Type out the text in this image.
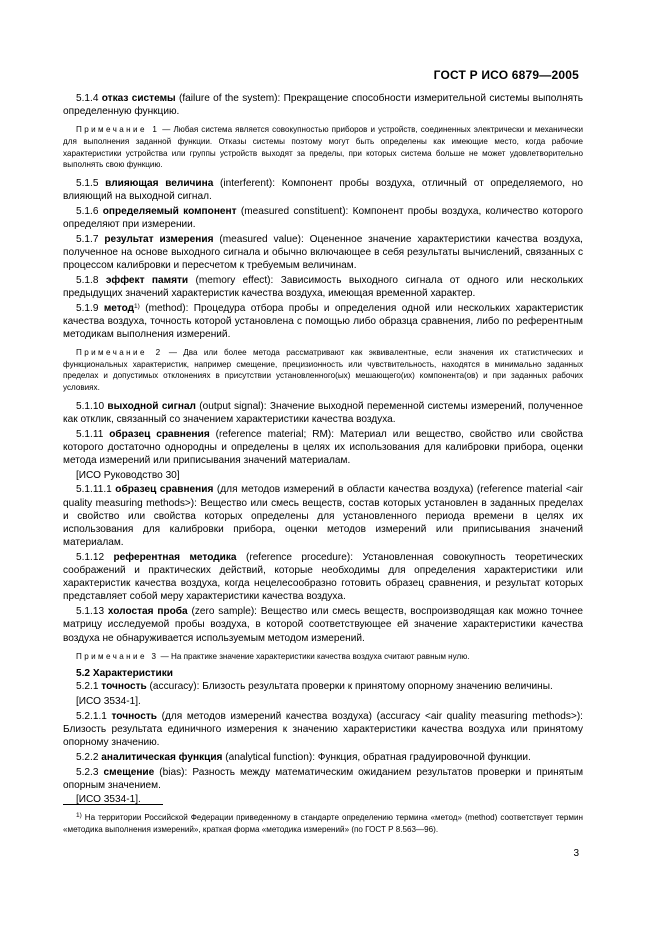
ГОСТ Р ИСО 6879—2005

5.1.4 отказ системы (failure of the system): Прекращение способности измерительной системы выполнять определенную функцию.

Примечание 1 — Любая система является совокупностью приборов и устройств, соединенных электрически и механически для выполнения заданной функции. Отказы системы поэтому могут быть определены как имеющие место, когда рабочие характеристики устройства или группы устройств выходят за пределы, при которых система больше не может удовлетворительно выполнять свою функцию.

5.1.5 влияющая величина (interferent): Компонент пробы воздуха, отличный от определяемого, но влияющий на выходной сигнал.

5.1.6 определяемый компонент (measured constituent): Компонент пробы воздуха, количество которого определяют при измерении.

5.1.7 результат измерения (measured value): Оцененное значение характеристики качества воздуха, полученное на основе выходного сигнала и обычно включающее в себя результаты вычислений, связанных с процессом калибровки и пересчетом к требуемым величинам.

5.1.8 эффект памяти (memory effect): Зависимость выходного сигнала от одного или нескольких предыдущих значений характеристик качества воздуха, имеющая временной характер.

5.1.9 метод$^{1)}$ (method): Процедура отбора пробы и определения одной или нескольких характеристик качества воздуха, точность которой установлена с помощью либо образца сравнения, либо по референтным методикам выполнения измерений.

Примечание 2 — Два или более метода рассматривают как эквивалентные, если значения их статистических и функциональных характеристик, например смещение, прецизионность или чувствительность, находятся в минимально заданных пределах и допустимых отклонениях в присутствии установленного(ых) мешающего(их) компонента(ов) и при заданных рабочих условиях.

5.1.10 выходной сигнал (output signal): Значение выходной переменной системы измерений, полученное как отклик, связанный со значением характеристики качества воздуха.

5.1.11 образец сравнения (reference material; RM): Материал или вещество, свойство или свойства которого достаточно однородны и определены в целях их использования для калибровки прибора, оценки метода измерений или приписывания значений материалам.

[ИСО Руководство 30]

5.1.11.1 образец сравнения (для методов измерений в области качества воздуха) (reference material <air quality measuring methods>): Вещество или смесь веществ, состав которых установлен в заданных пределах и свойство или свойства которых определены для установленного периода времени в целях их использования для калибровки прибора, оценки методов измерений или приписывания значений материалам.

5.1.12 референтная методика (reference procedure): Установленная совокупность теоретических соображений и практических действий, которые необходимы для определения характеристики или характеристик качества воздуха, когда нецелесообразно готовить образец сравнения, и результат которых представляет собой меру характеристики качества воздуха.

5.1.13 холостая проба (zero sample): Вещество или смесь веществ, воспроизводящая как можно точнее матрицу исследуемой пробы воздуха, в которой соответствующее ей значение характеристики качества воздуха не обнаруживается используемым методом измерений.

Примечание 3 — На практике значение характеристики качества воздуха считают равным нулю.

5.2 Характеристики

5.2.1 точность (accuracy): Близость результата проверки к принятому опорному значению величины.

[ИСО 3534-1].

5.2.1.1 точность (для методов измерений качества воздуха) (accuracy <air quality measuring methods>): Близость результата единичного измерения к значению характеристики качества воздуха или принятому опорному значению.

5.2.2 аналитическая функция (analytical function): Функция, обратная градуировочной функции.

5.2.3 смещение (bias): Разность между математическим ожиданием результатов проверки и принятым опорным значением.

[ИСО 3534-1].

$^{1)}$ На территории Российской Федерации приведенному в стандарте определению термина «метод» (method) соответствует термин «методика выполнения измерений», краткая форма «методика измерений» (по ГОСТ Р 8.563—96).
3
